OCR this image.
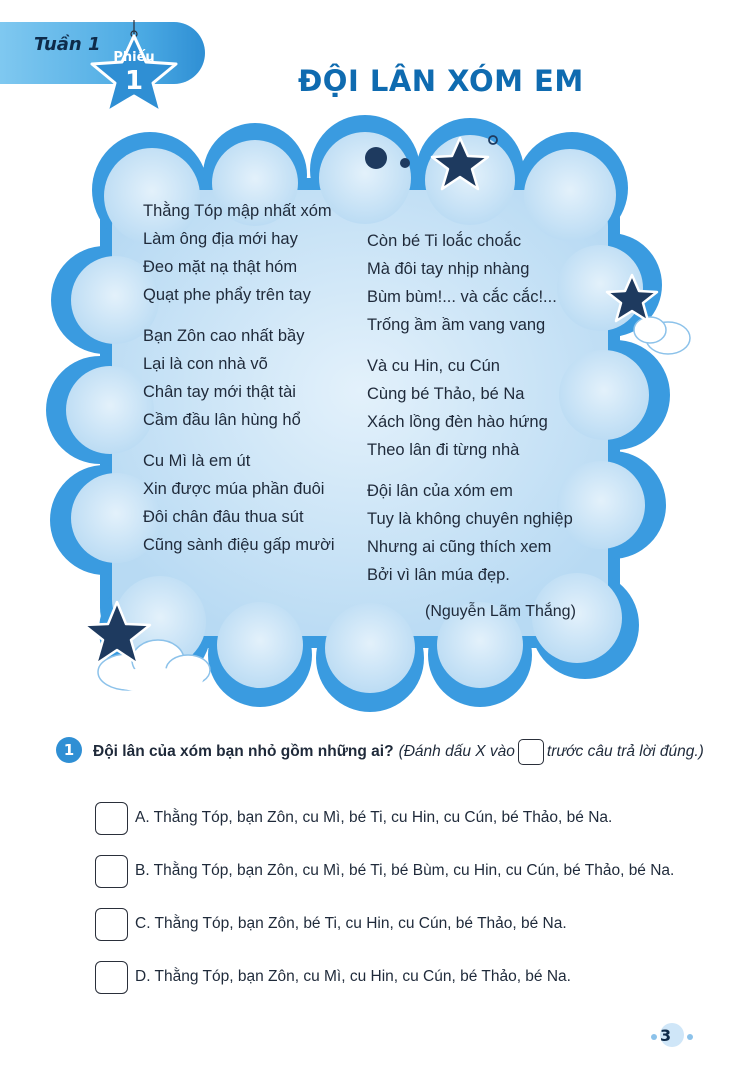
Tuần 1
Phiếu
1	ĐỘI LÂN XÓM EM
Thằng Tóp mập nhất xóm
Làm ông địa mới hay
Đeo mặt nạ thật hóm
Quạt phe phẩy trên tay
Bạn Zôn cao nhất bầy
Lại là con nhà võ
Chân tay mới thật tài
Cầm đầu lân hùng hổ
Cu Mì là em út
Xin được múa phần đuôi
Đôi chân đâu thua sút
Cũng sành điệu gấp mười
Còn bé Ti loắc choắc
Mà đôi tay nhịp nhàng
Bùm bùm!... và cắc cắc!...
Trống ầm ầm vang vang
Và cu Hin, cu Cún
Cùng bé Thảo, bé Na
Xách lồng đèn hào hứng
Theo lân đi từng nhà
Đội lân của xóm em
Tuy là không chuyên nghiệp
Nhưng ai cũng thích xem
Bởi vì lân múa đẹp.
(Nguyễn Lãm Thắng)
1	Đội lân của xóm bạn nhỏ gồm những ai? (Đánh dấu X vào trước câu trả lời đúng.)
A. Thằng Tóp, bạn Zôn, cu Mì, bé Ti, cu Hin, cu Cún, bé Thảo, bé Na.
B. Thằng Tóp, bạn Zôn, cu Mì, bé Ti, bé Bùm, cu Hin, cu Cún, bé Thảo, bé Na.
C. Thằng Tóp, bạn Zôn, bé Ti, cu Hin, cu Cún, bé Thảo, bé Na.
D. Thằng Tóp, bạn Zôn, cu Mì, cu Hin, cu Cún, bé Thảo, bé Na.
3
